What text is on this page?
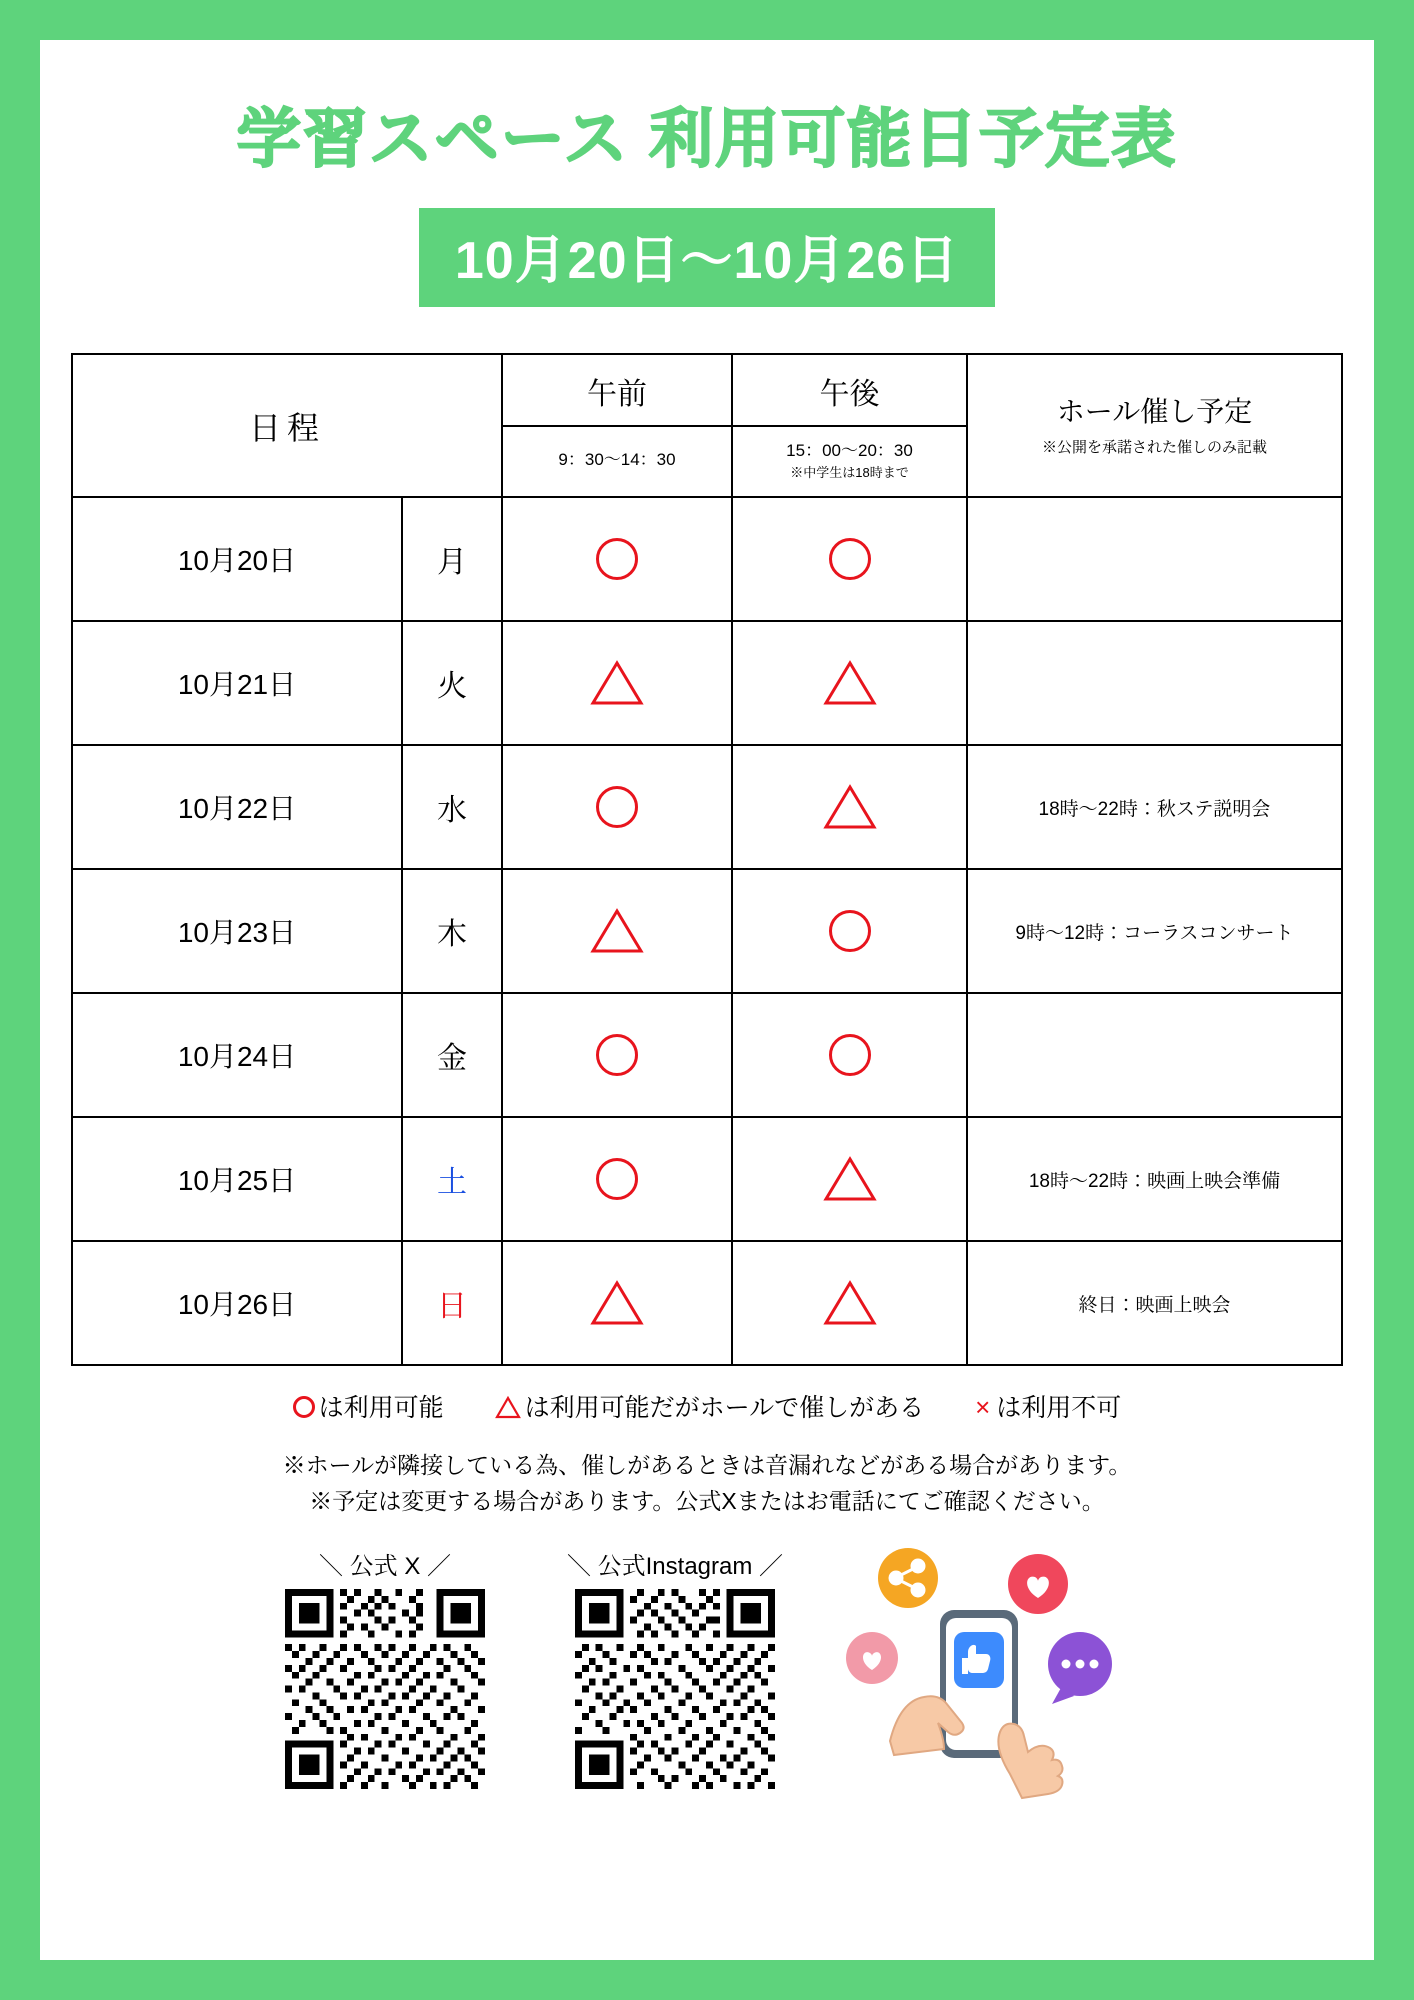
学習スペース 利用可能日予定表
10月20日〜10月26日
日程		午前	午後	ホール催し予定
※公開を承諾された催しのみ記載

		9：30〜14：30	15：00〜20：30
※中学生は18時まで	

10月20日	月			
10月21日	火			
10月22日	水			18時〜22時：秋ステ説明会
10月23日	木			9時〜12時：コーラスコンサート
10月24日	金			
10月25日	土			18時〜22時：映画上映会準備
10月26日	日			終日：映画上映会
は利用可能	は利用可能だがホールで催しがある × は利用不可
※ホールが隣接している為、催しがあるときは音漏れなどがある場合があります。
※予定は変更する場合があります。公式Xまたはお電話にてご確認ください。
＼ 公式 X ／	＼ 公式Instagram ／
